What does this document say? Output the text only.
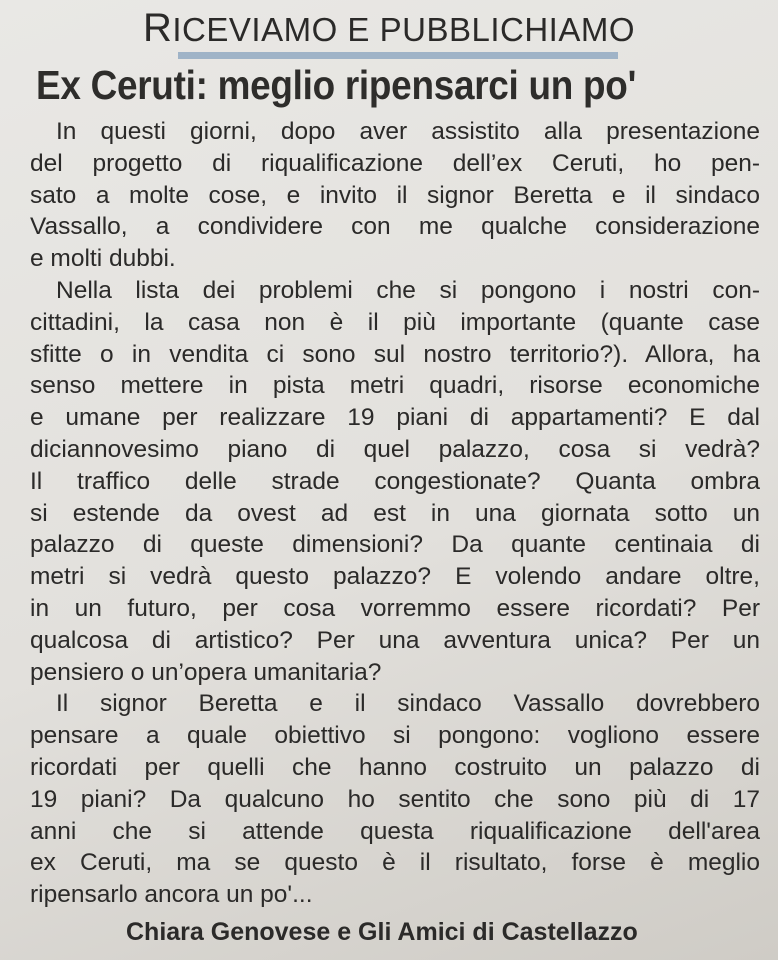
RICEVIAMO E PUBBLICHIAMO
Ex Ceruti: meglio ripensarci un po'
In questi giorni, dopo aver assistito alla presentazione
del progetto di riqualificazione dell’ex Ceruti, ho pen-
sato a molte cose, e invito il signor Beretta e il sindaco
Vassallo, a condividere con me qualche considerazione
e molti dubbi.
Nella lista dei problemi che si pongono i nostri con-
cittadini, la casa non è il più importante (quante case
sfitte o in vendita ci sono sul nostro territorio?). Allora, ha
senso mettere in pista metri quadri, risorse economiche
e umane per realizzare 19 piani di appartamenti? E dal
diciannovesimo piano di quel palazzo, cosa si vedrà?
Il traffico delle strade congestionate? Quanta ombra
si estende da ovest ad est in una giornata sotto un
palazzo di queste dimensioni? Da quante centinaia di
metri si vedrà questo palazzo? E volendo andare oltre,
in un futuro, per cosa vorremmo essere ricordati? Per
qualcosa di artistico? Per una avventura unica? Per un
pensiero o un’opera umanitaria?
Il signor Beretta e il sindaco Vassallo dovrebbero
pensare a quale obiettivo si pongono: vogliono essere
ricordati per quelli che hanno costruito un palazzo di
19 piani? Da qualcuno ho sentito che sono più di 17
anni che si attende questa riqualificazione dell'area
ex Ceruti, ma se questo è il risultato, forse è meglio
ripensarlo ancora un po'...
Chiara Genovese e Gli Amici di Castellazzo
